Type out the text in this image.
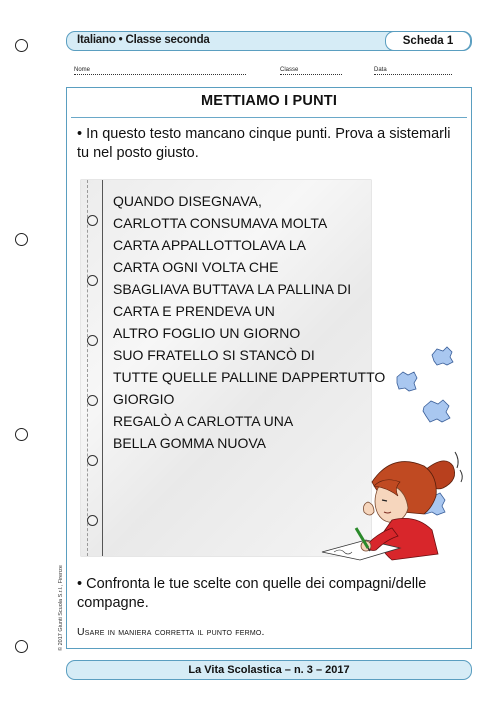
Italiano • Classe seconda	Scheda 1
Nome	Classe	Data
METTIAMO I PUNTI
• In questo testo mancano cinque punti. Prova a sistemarli tu nel posto giusto.
QUANDO DISEGNAVA,
CARLOTTA CONSUMAVA MOLTA
CARTA APPALLOTTOLAVA LA
CARTA OGNI VOLTA CHE
SBAGLIAVA BUTTAVA LA PALLINA DI
CARTA E PRENDEVA UN
ALTRO FOGLIO UN GIORNO
SUO FRATELLO SI STANCÒ DI
TUTTE QUELLE PALLINE DAPPERTUTTO
GIORGIO
REGALÒ A CARLOTTA UNA
BELLA GOMMA NUOVA
• Confronta le tue scelte con quelle dei compagni/delle compagne.
Usare in maniera corretta il punto fermo.
© 2017 Giunti Scuola S.r.l., Firenze
La Vita Scolastica – n. 3 – 2017
